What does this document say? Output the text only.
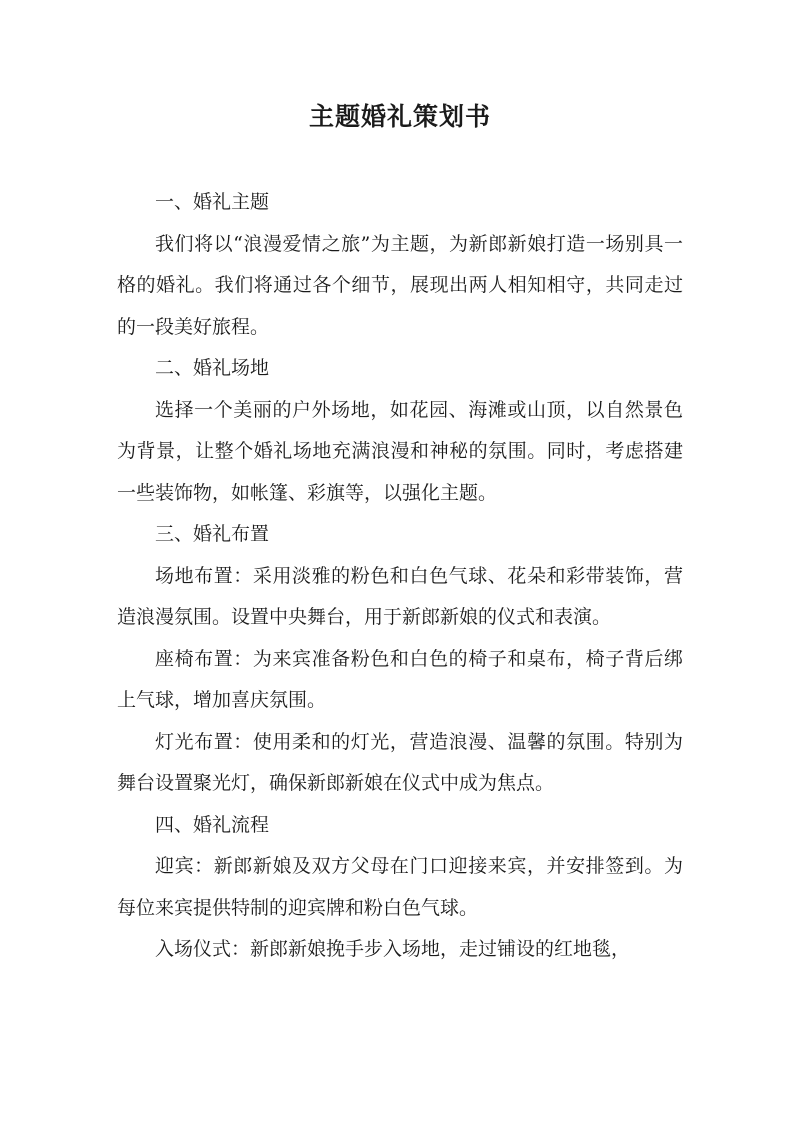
主题婚礼策划书

一、婚礼主题

我们将以“浪漫爱情之旅”为主题，为新郎新娘打造一场别具一格的婚礼。我们将通过各个细节，展现出两人相知相守，共同走过的一段美好旅程。

二、婚礼场地

选择一个美丽的户外场地，如花园、海滩或山顶，以自然景色为背景，让整个婚礼场地充满浪漫和神秘的氛围。同时，考虑搭建一些装饰物，如帐篷、彩旗等，以强化主题。

三、婚礼布置

场地布置：采用淡雅的粉色和白色气球、花朵和彩带装饰，营造浪漫氛围。设置中央舞台，用于新郎新娘的仪式和表演。

座椅布置：为来宾准备粉色和白色的椅子和桌布，椅子背后绑上气球，增加喜庆氛围。

灯光布置：使用柔和的灯光，营造浪漫、温馨的氛围。特别为舞台设置聚光灯，确保新郎新娘在仪式中成为焦点。

四、婚礼流程

迎宾：新郎新娘及双方父母在门口迎接来宾，并安排签到。为每位来宾提供特制的迎宾牌和粉白色气球。

入场仪式：新郎新娘挽手步入场地，走过铺设的红地毯，
